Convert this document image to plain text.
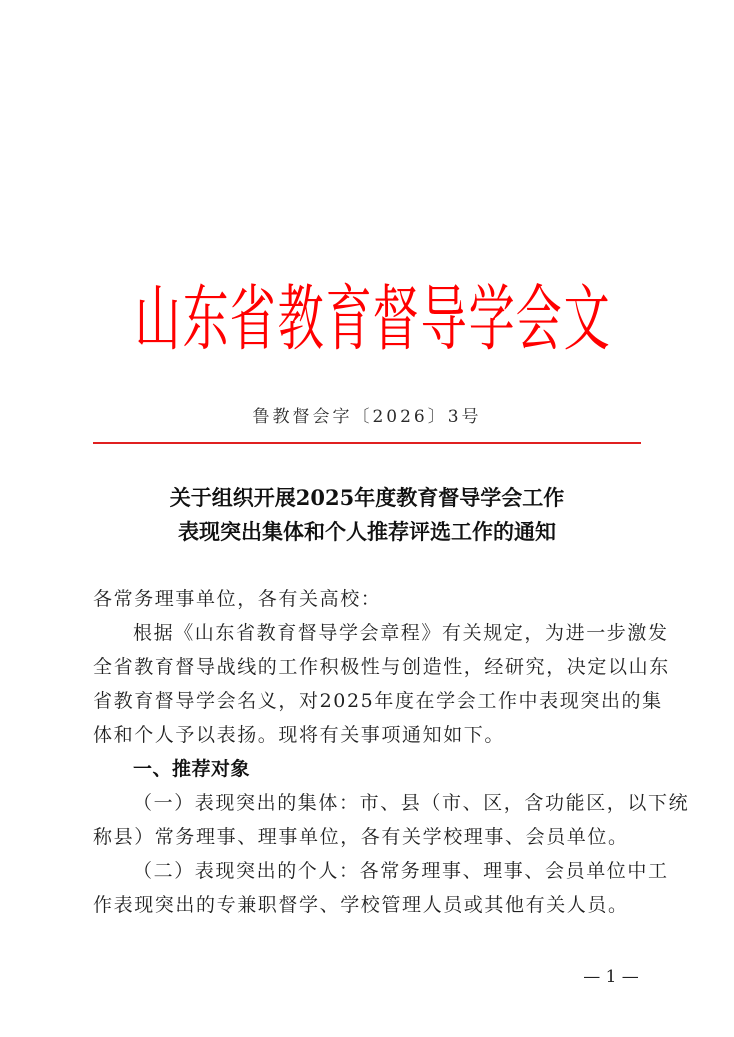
山 东 省 教 育 督 导 学 会 文
鲁教督会字〔2026〕3号
关于组织开展2025年度教育督导学会工作
表现突出集体和个人推荐评选工作的通知
各常务理事单位，各有关高校：
根据《山东省教育督导学会章程》有关规定，为进一步激发
全省教育督导战线的工作积极性与创造性，经研究，决定以山东
省教育督导学会名义，对2025年度在学会工作中表现突出的集
体和个人予以表扬。现将有关事项通知如下。
一、推荐对象
（一）表现突出的集体：市、县（市、区，含功能区，以下统
称县）常务理事、理事单位，各有关学校理事、会员单位。
（二）表现突出的个人：各常务理事、理事、会员单位中工
作表现突出的专兼职督学、学校管理人员或其他有关人员。
— 1 —
